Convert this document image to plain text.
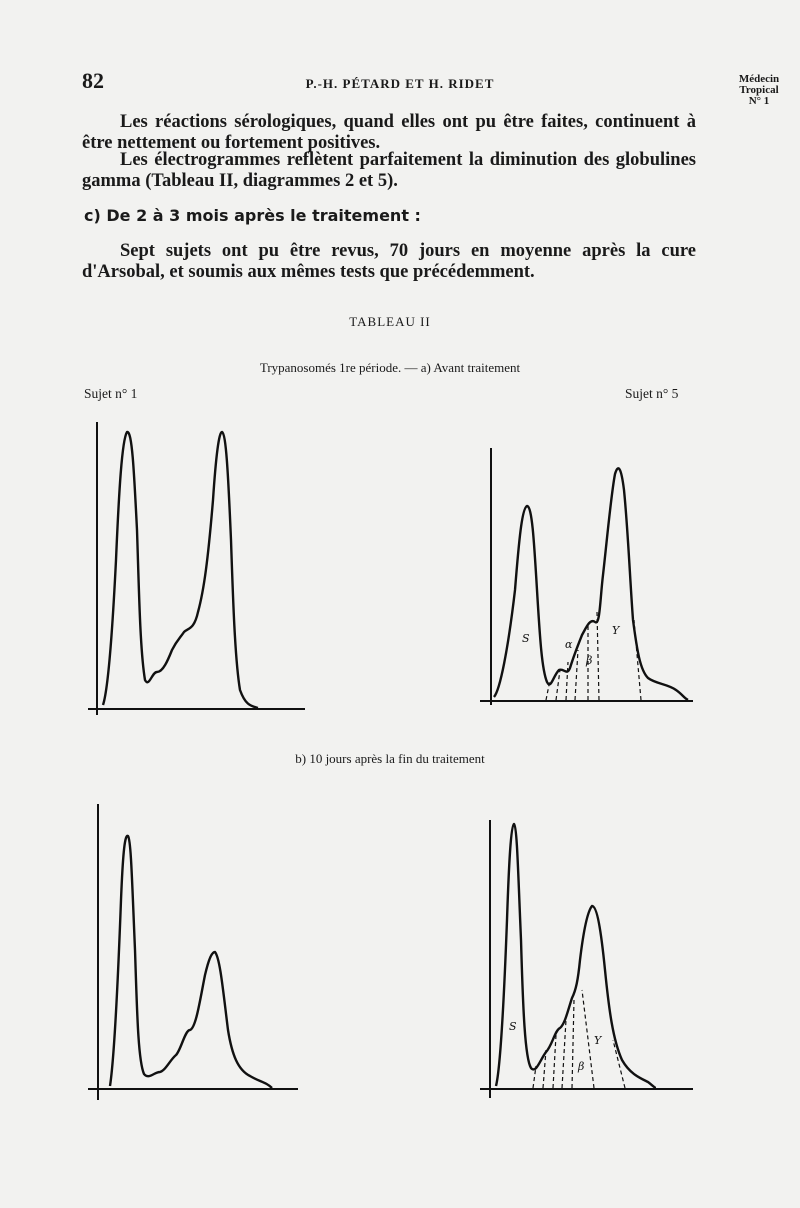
82	P.-H. PÉTARD ET H. RIDET	Médecin
Tropical
N° 1
Les réactions sérologiques, quand elles ont pu être faites, continuent à être nettement ou fortement positives.
Les électrogrammes reflètent parfaitement la diminution des globulines gamma (Tableau II, diagrammes 2 et 5).
c) De 2 à 3 mois après le traitement :
Sept sujets ont pu être revus, 70 jours en moyenne après la cure d'Arsobal, et soumis aux mêmes tests que précédemment.
TABLEAU II
Trypanosomés 1re période. — a) Avant traitement
Sujet n° 1	Sujet n° 5
b) 10 jours après la fin du traitement
S	α
β
Y
S
β
Y
